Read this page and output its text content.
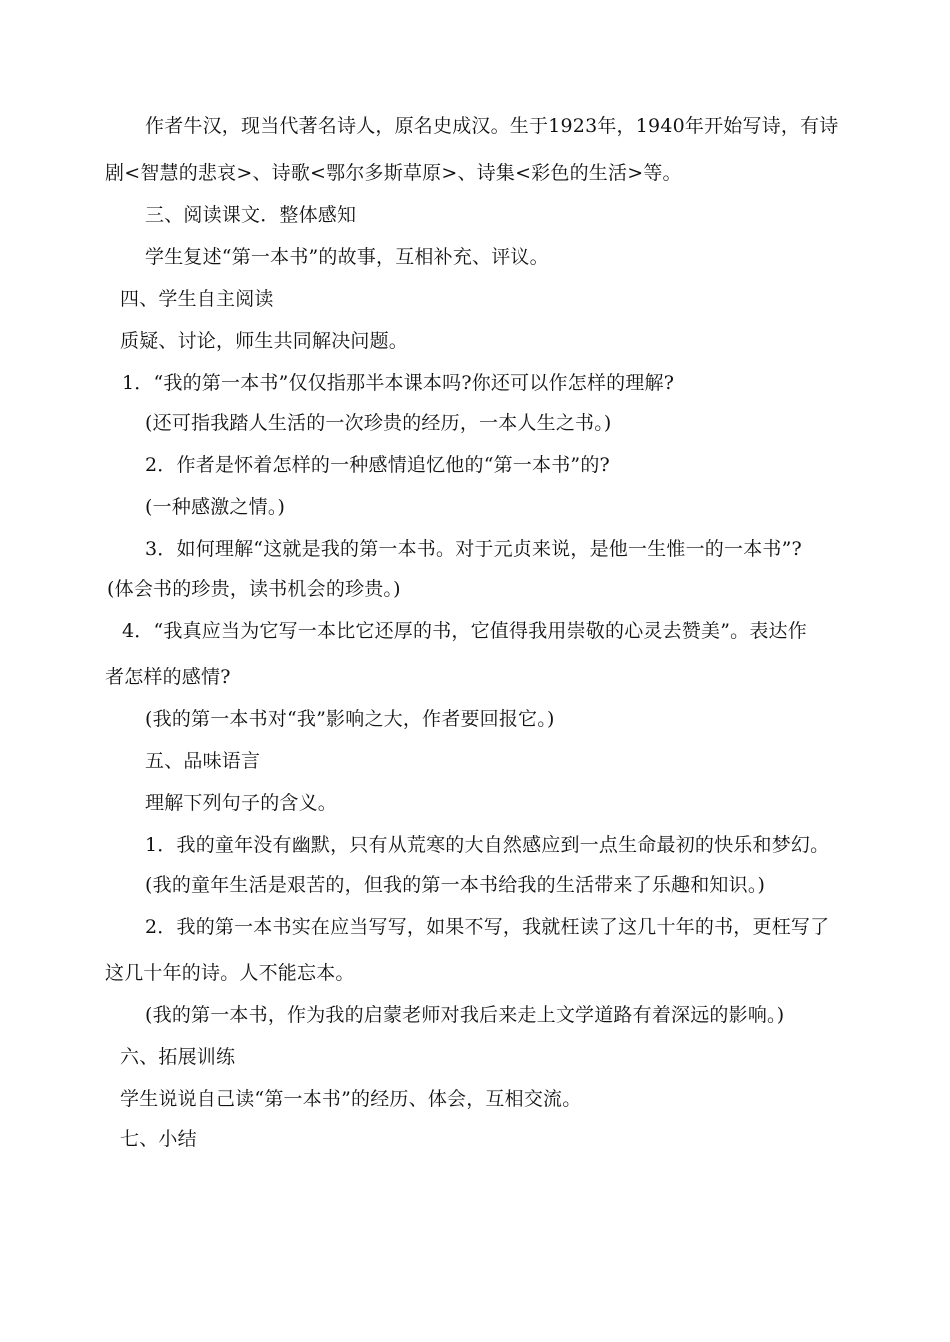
作者牛汉，现当代著名诗人，原名史成汉。生于1923年，1940年开始写诗，有诗
剧<智慧的悲哀>、诗歌<鄂尔多斯草原>、诗集<彩色的生活>等。
三、阅读课文．整体感知
学生复述“第一本书”的故事，互相补充、评议。
四、学生自主阅读
质疑、讨论，师生共同解决问题。
1．“我的第一本书”仅仅指那半本课本吗?你还可以作怎样的理解?
(还可指我踏人生活的一次珍贵的经历，一本人生之书。)
2．作者是怀着怎样的一种感情追忆他的“第一本书”的?
(一种感激之情。)
3．如何理解“这就是我的第一本书。对于元贞来说，是他一生惟一的一本书”?
(体会书的珍贵，读书机会的珍贵。)
4．“我真应当为它写一本比它还厚的书，它值得我用崇敬的心灵去赞美”。表达作
者怎样的感情?
(我的第一本书对“我”影响之大，作者要回报它。)
五、品味语言
理解下列句子的含义。
1．我的童年没有幽默，只有从荒寒的大自然感应到一点生命最初的快乐和梦幻。
(我的童年生活是艰苦的，但我的第一本书给我的生活带来了乐趣和知识。)
2．我的第一本书实在应当写写，如果不写，我就枉读了这几十年的书，更枉写了
这几十年的诗。人不能忘本。
(我的第一本书，作为我的启蒙老师对我后来走上文学道路有着深远的影响。)
六、拓展训练
学生说说自己读“第一本书”的经历、体会，互相交流。
七、小结
